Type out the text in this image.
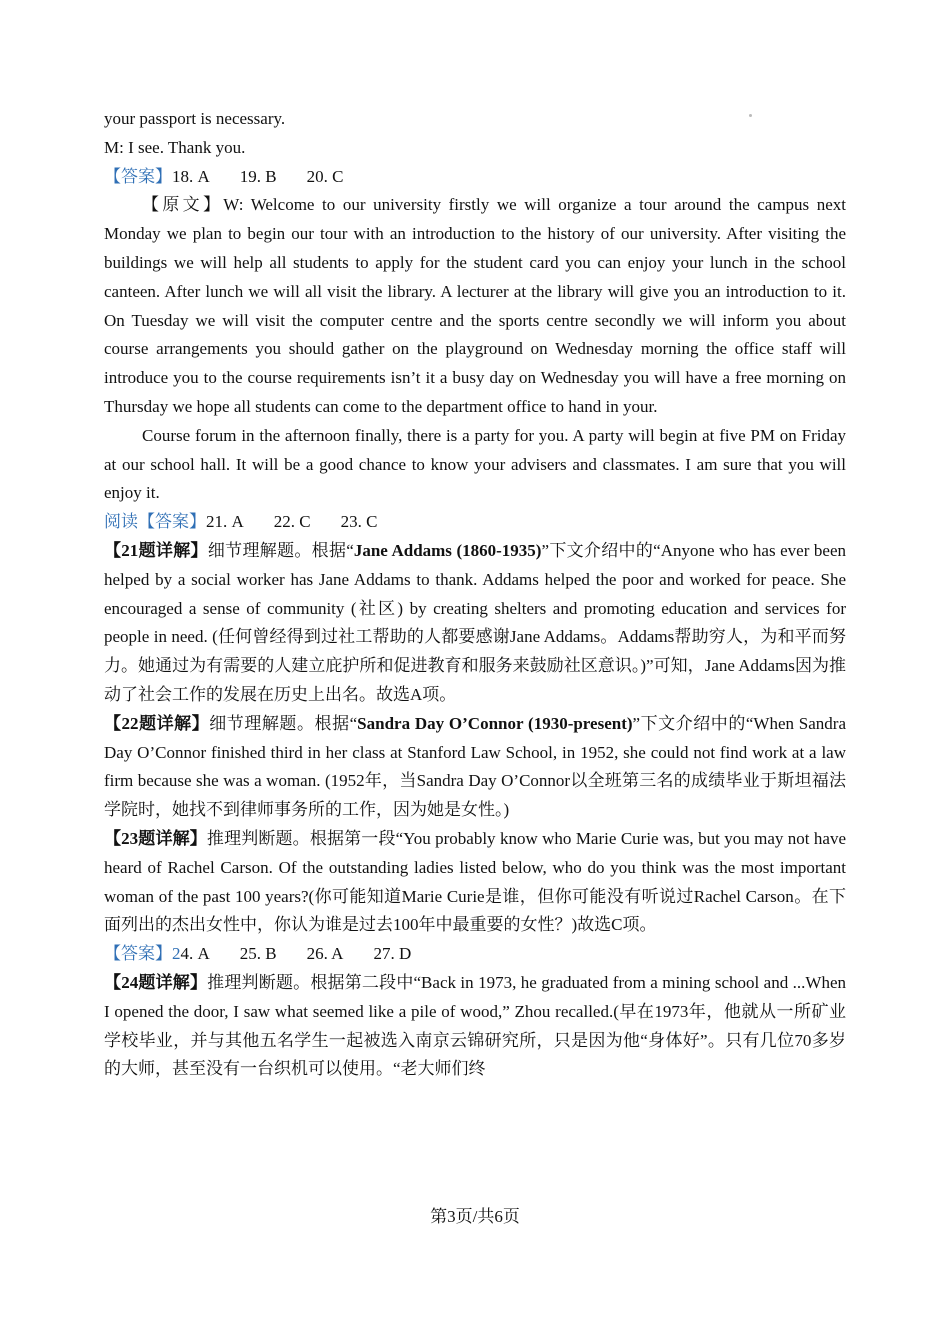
your passport is necessary.

M: I see. Thank you.

【答案】18. A 19. B 20. C

【原文】W: Welcome to our university firstly we will organize a tour around the campus next Monday we plan to begin our tour with an introduction to the history of our university. After visiting the buildings we will help all students to apply for the student card you can enjoy your lunch in the school canteen. After lunch we will all visit the library. A lecturer at the library will give you an introduction to it. On Tuesday we will visit the computer centre and the sports centre secondly we will inform you about course arrangements you should gather on the playground on Wednesday morning the office staff will introduce you to the course requirements isn’t it a busy day on Wednesday you will have a free morning on Thursday we hope all students can come to the department office to hand in your.

Course forum in the afternoon finally, there is a party for you. A party will begin at five PM on Friday at our school hall. It will be a good chance to know your advisers and classmates. I am sure that you will enjoy it.

阅读【答案】21. A 22. C 23. C

【21题详解】细节理解题。根据“Jane Addams (1860-1935)”下文介绍中的“Anyone who has ever been helped by a social worker has Jane Addams to thank. Addams helped the poor and worked for peace. She encouraged a sense of community (社区) by creating shelters and promoting education and services for people in need. (任何曾经得到过社工帮助的人都要感谢Jane Addams。Addams帮助穷人，为和平而努力。她通过为有需要的人建立庇护所和促进教育和服务来鼓励社区意识。)”可知，Jane Addams因为推动了社会工作的发展在历史上出名。故选A项。

【22题详解】细节理解题。根据“Sandra Day O’Connor (1930-present)”下文介绍中的“When Sandra Day O’Connor finished third in her class at Stanford Law School, in 1952, she could not find work at a law firm because she was a woman. (1952年，当Sandra Day O’Connor以全班第三名的成绩毕业于斯坦福法学院时，她找不到律师事务所的工作，因为她是女性。)

【23题详解】推理判断题。根据第一段“You probably know who Marie Curie was, but you may not have heard of Rachel Carson. Of the outstanding ladies listed below, who do you think was the most important woman of the past 100 years?(你可能知道Marie Curie是谁，但你可能没有听说过Rachel Carson。在下面列出的杰出女性中，你认为谁是过去100年中最重要的女性？)故选C项。

【答案】24. A 25. B 26. A 27. D

【24题详解】推理判断题。根据第二段中“Back in 1973, he graduated from a mining school and ...When I opened the door, I saw what seemed like a pile of wood,” Zhou recalled.(早在1973年，他就从一所矿业学校毕业，并与其他五名学生一起被选入南京云锦研究所，只是因为他“身体好”。只有几位70多岁的大师，甚至没有一台织机可以使用。“老大师们终

第3页/共6页
